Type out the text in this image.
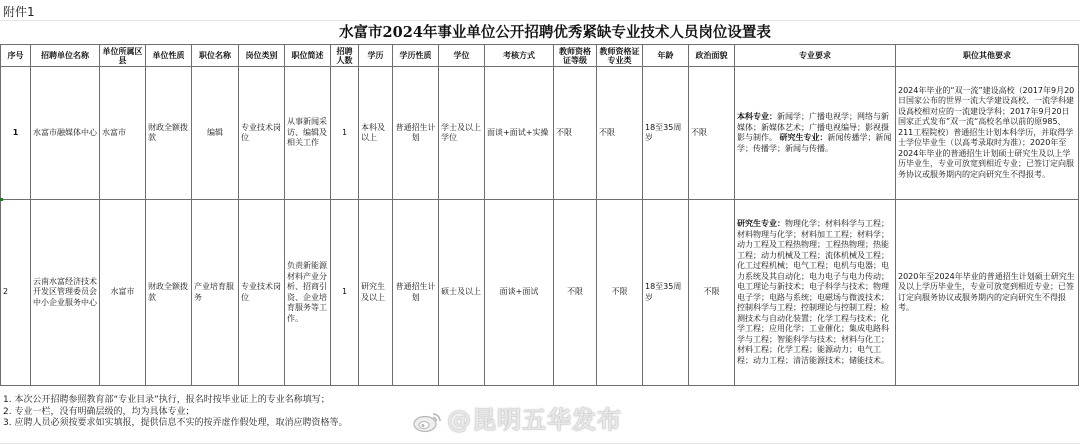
附件1
水富市2024年事业单位公开招聘优秀紧缺专业技术人员岗位设置表
序号	招聘单位名称	单位所属区县	单位性质	职位名称	岗位类别	职位简述	招聘人数	学历	学历性质	学位	考核方式	教师资格证等级	教师资格证专业类	年龄	政治面貌	专业要求	职位其他要求
1	水富市融媒体中心	水富市	财政全额拨款	编辑	专业技术岗位	从事新闻采访、编辑及相关工作	1	本科及以上	普通招生计划	学士及以上学位	面谈+面试+实操	不限	不限	18至35周岁	不限	本科专业：新闻学；广播电视学；网络与新媒体；新媒体艺术；广播电视编导；影视摄影与制作。 研究生专业：新闻传播学；新闻学；传播学；新闻与传播。	2024年毕业的“双一流”建设高校（2017年9月20日国家公布的世界一流大学建设高校、一流学科建设高校相对应的一流建设学科；2017年9月20日国家正式发布”双一流“高校名单以前的原985、211工程院校）普通招生计划本科学历，并取得学士学位毕业生（以高考录取时为准）；2020年至2024年毕业的普通招生计划硕士研究生及以上学历毕业生，专业可放宽到相近专业；已签订定向服务协议或服务期内的定向研究生不得报考。
2	云南水富经济技术开发区管理委员会中小企业服务中心	水富市	财政全额拨款	产业培育服务	专业技术岗位	负责新能源材料产业分析、招商引资、企业培育服务等工作。	1	研究生及以上	普通招生计划	硕士及以上	面谈+面试	不限	不限	18至35周岁	不限	研究生专业：物理化学；材料科学与工程；材料物理与化学；材料加工工程；材料学；动力工程及工程热物理；工程热物理；热能工程；动力机械及工程；流体机械及工程；化工过程机械；电气工程；电机与电器；电力系统及其自动化；电力电子与电力传动；电工理论与新技术；电子科学与技术；物理电子学；电路与系统；电磁场与微波技术；控制科学与工程；控制理论与控制工程；检测技术与自动化装置；化学工程与技术；化学工程；应用化学；工业催化；集成电路科学与工程；智能科学与技术；材料与化工；材料工程；化学工程；能源动力；电气工程；动力工程；清洁能源技术；储能技术。	2020年至2024年毕业的普通招生计划硕士研究生及以上学历毕业生，专业可放宽到相近专业；已签订定向服务协议或服务期内的定向研究生不得报考。
1. 本次公开招聘参照教育部“专业目录”执行，报名时按毕业证上的专业名称填写；
2. 专业一栏，没有明确层级的，均为具体专业；
3. 应聘人员必须按要求如实填报，提供信息不实的按弄虚作假处理，取消应聘资格等。	@昆明五华发布
